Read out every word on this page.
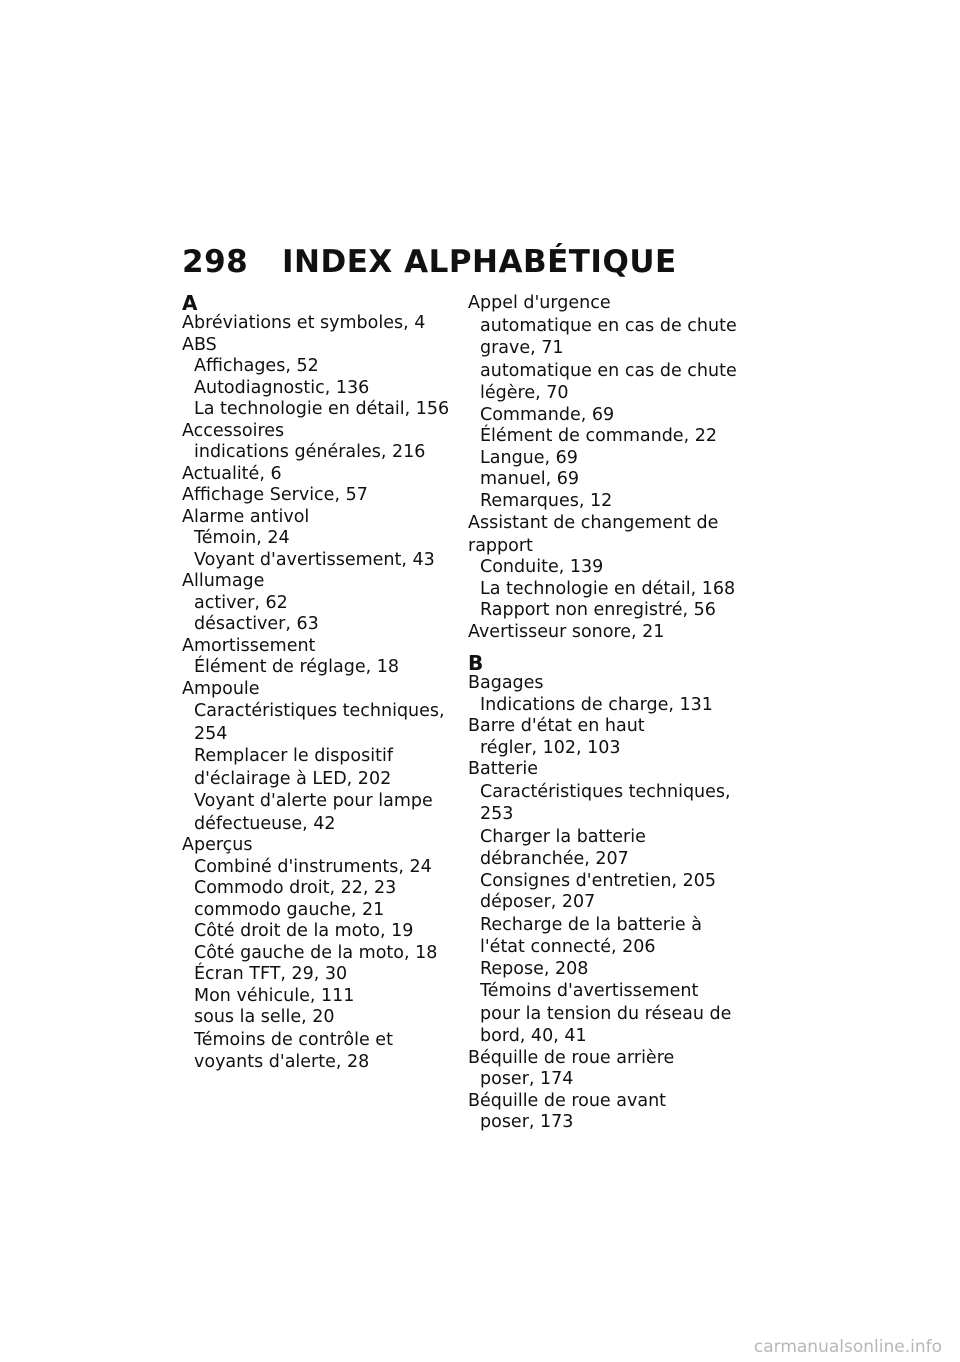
298 INDEX ALPHABÉTIQUE
A
Abréviations et symboles, 4
ABS
Affichages, 52
Autodiagnostic, 136
La technologie en détail, 156
Accessoires
indications générales, 216
Actualité, 6
Affichage Service, 57
Alarme antivol
Témoin, 24
Voyant d'avertissement, 43
Allumage
activer, 62
désactiver, 63
Amortissement
Élément de réglage, 18
Ampoule
Caractéristiques techniques, 254
Remplacer le dispositif d'éclairage à LED, 202
Voyant d'alerte pour lampe défectueuse, 42
Aperçus
Combiné d'instruments, 24
Commodo droit, 22, 23
commodo gauche, 21
Côté droit de la moto, 19
Côté gauche de la moto, 18
Écran TFT, 29, 30
Mon véhicule, 111
sous la selle, 20
Témoins de contrôle et voyants d'alerte, 28
Appel d'urgence
automatique en cas de chute grave, 71
automatique en cas de chute légère, 70
Commande, 69
Élément de commande, 22
Langue, 69
manuel, 69
Remarques, 12
Assistant de changement de rapport
Conduite, 139
La technologie en détail, 168
Rapport non enregistré, 56
Avertisseur sonore, 21
B
Bagages
Indications de charge, 131
Barre d'état en haut
régler, 102, 103
Batterie
Caractéristiques techniques, 253
Charger la batterie débranchée, 207
Consignes d'entretien, 205
déposer, 207
Recharge de la batterie à l'état connecté, 206
Repose, 208
Témoins d'avertissement pour la tension du réseau de bord, 40, 41
Béquille de roue arrière
poser, 174
Béquille de roue avant
poser, 173
carmanualsonline.info
